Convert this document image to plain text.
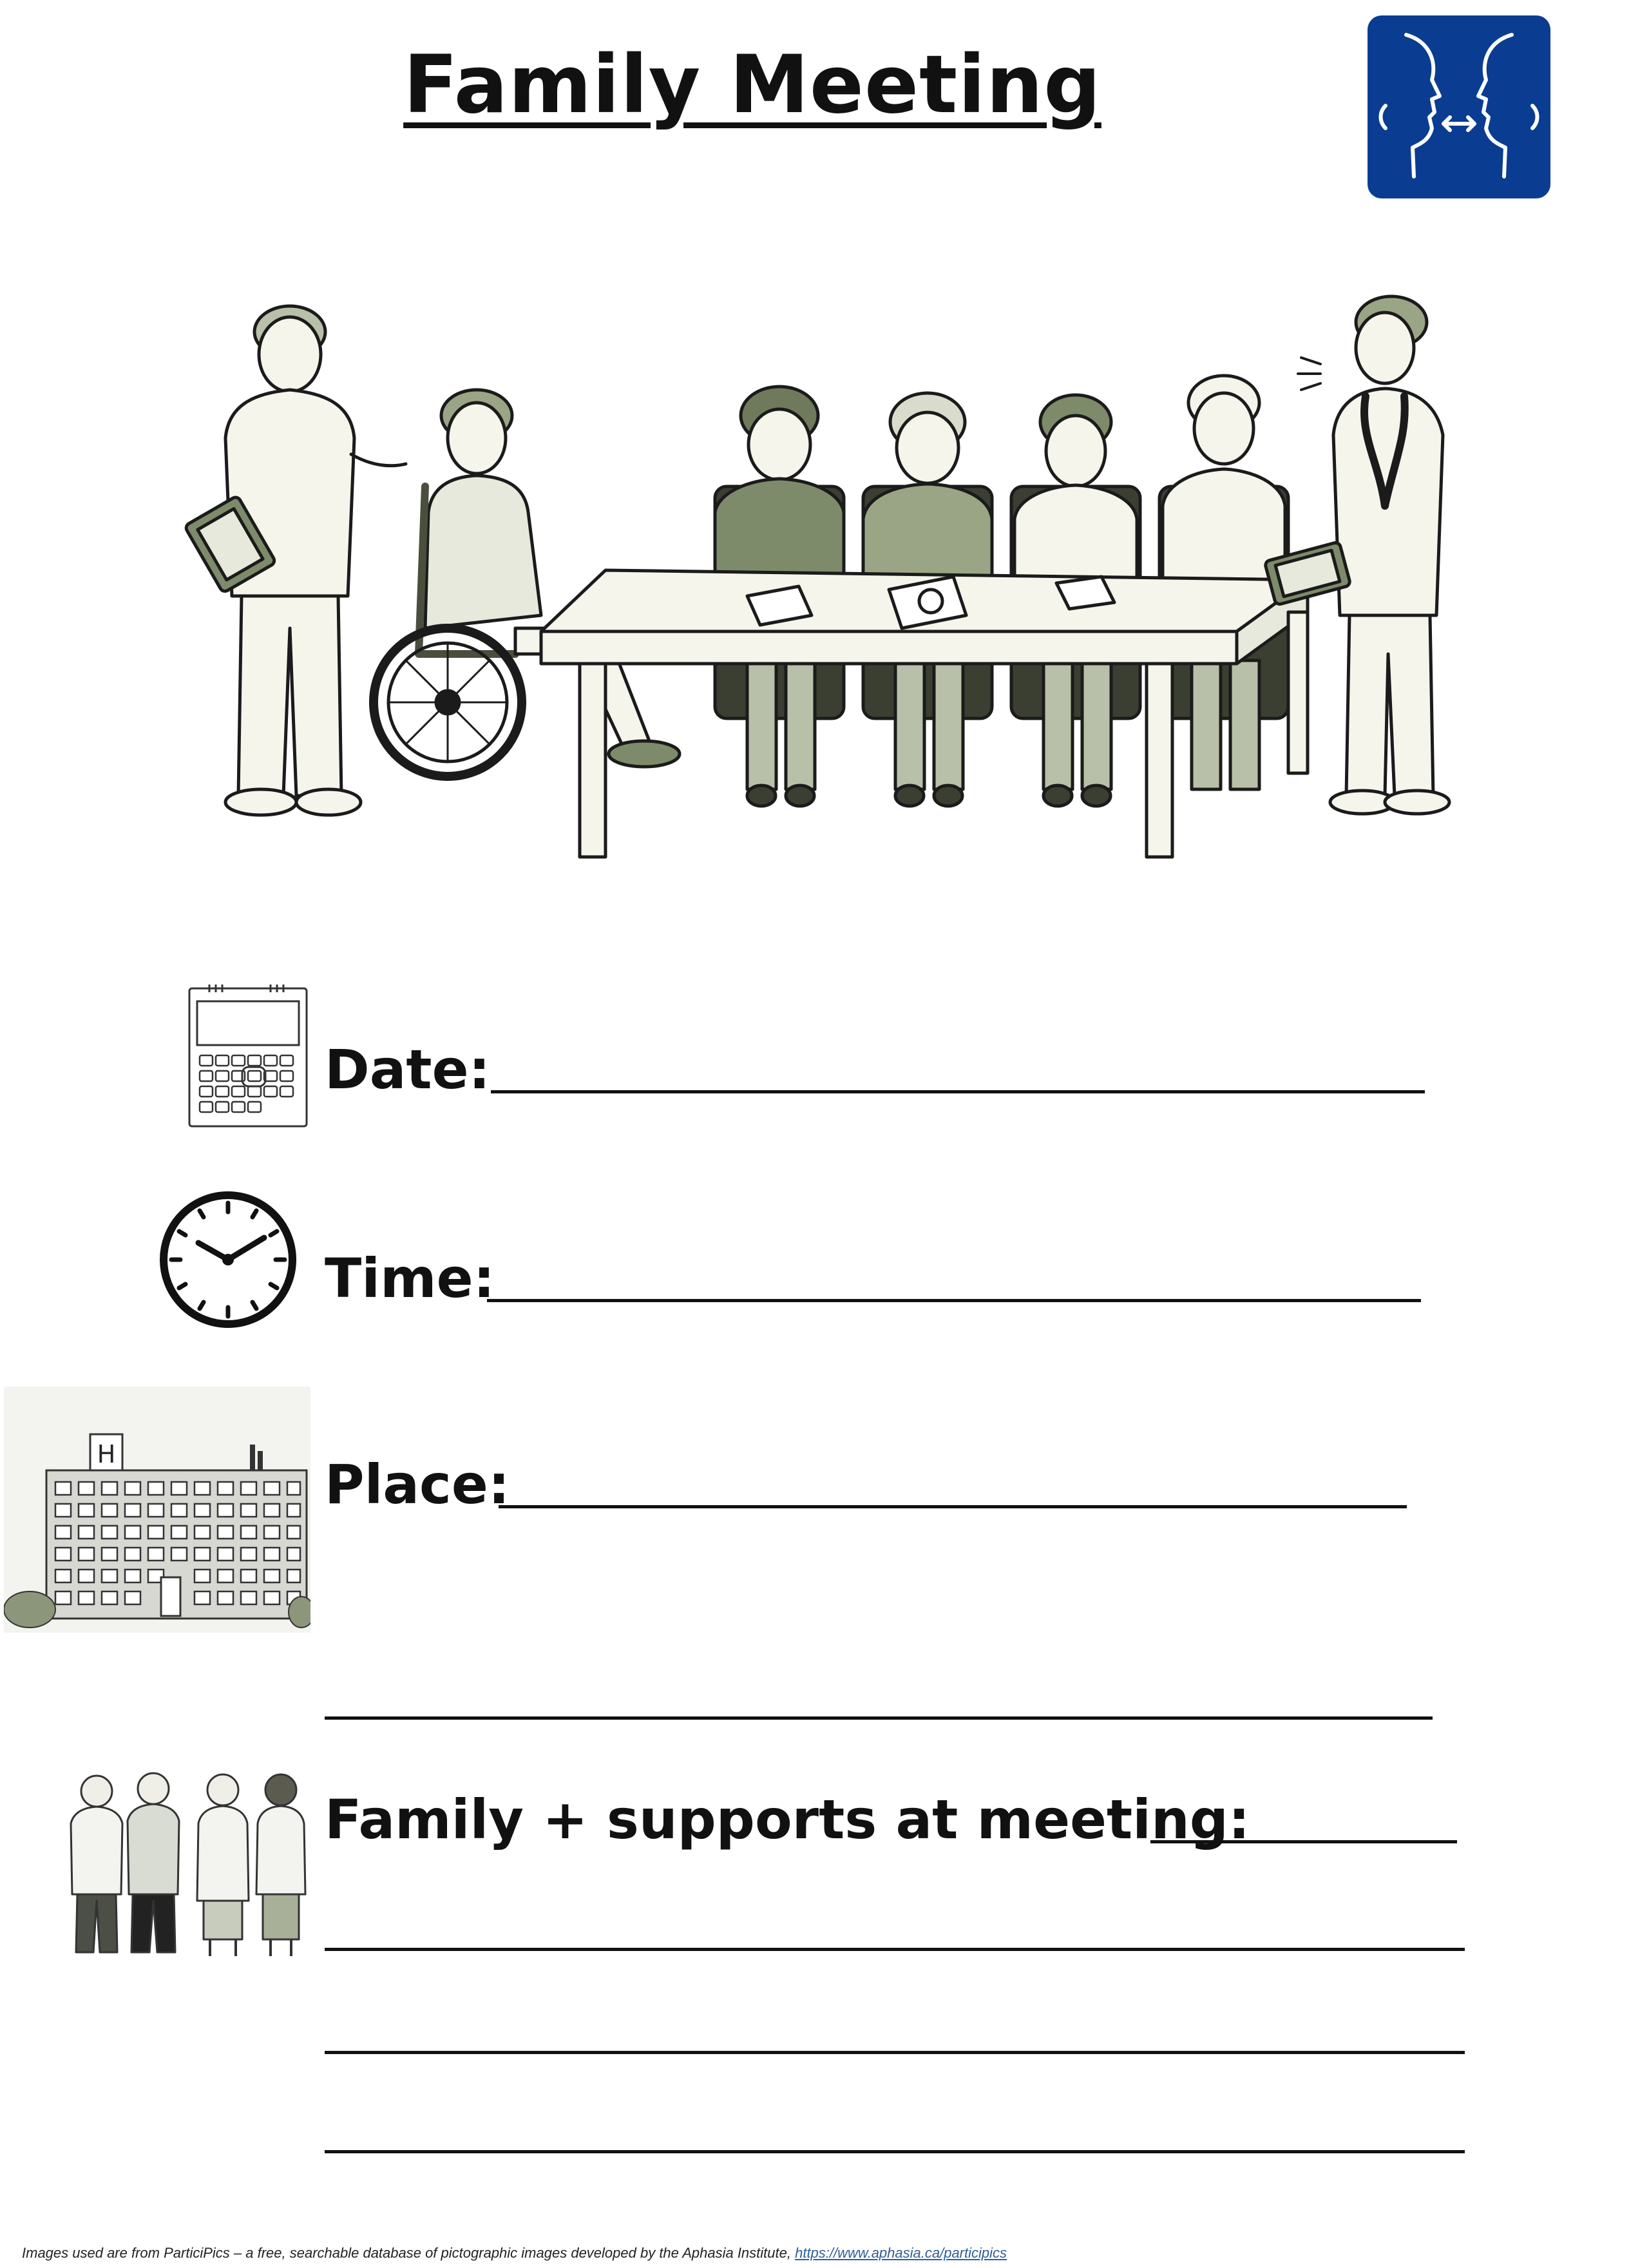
Family Meeting
Date:
Time:
H	Place:
Family + supports at meeting:
Images used are from ParticiPics – a free, searchable database of pictographic images developed by the Aphasia Institute, https://www.aphasia.ca/participics
